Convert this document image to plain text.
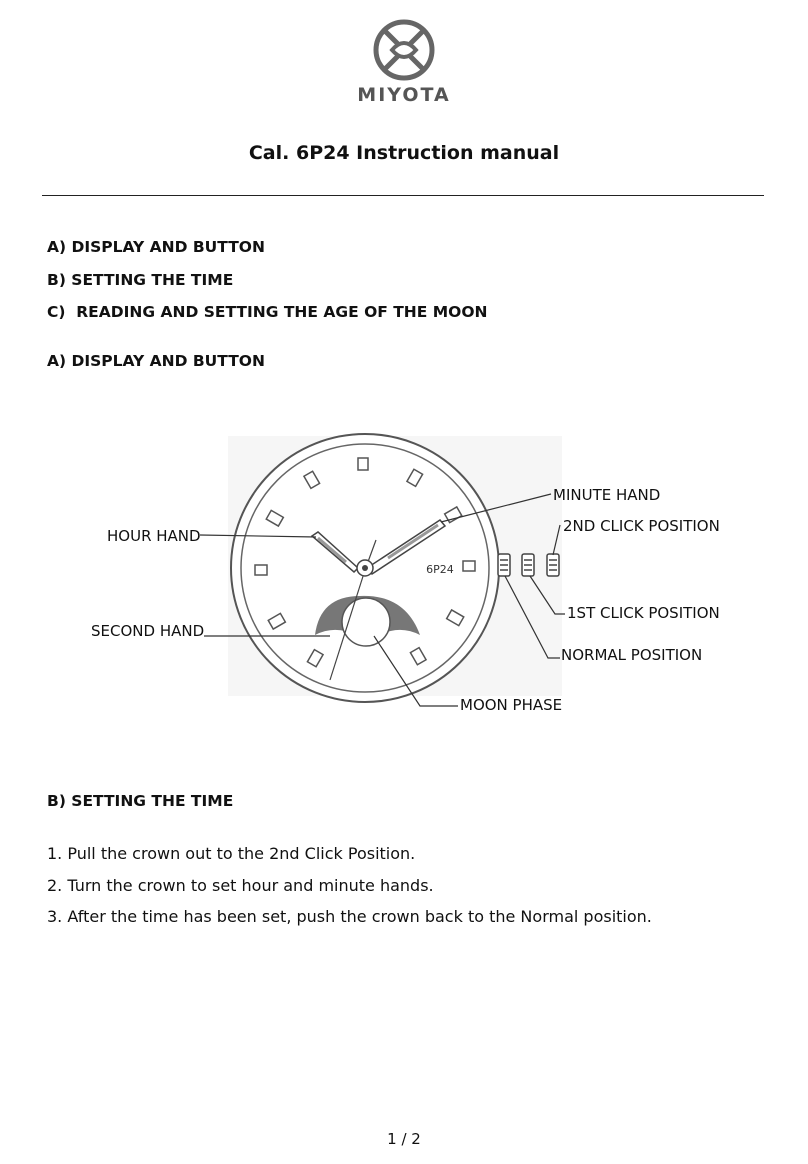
MIYOTA
Cal. 6P24 Instruction manual
A) DISPLAY AND BUTTON
B) SETTING THE TIME
C)  READING AND SETTING THE AGE OF THE MOON
A) DISPLAY AND BUTTON
6P24
MINUTE HAND
2ND CLICK POSITION
HOUR HAND
1ST CLICK POSITION
SECOND HAND
NORMAL POSITION
MOON PHASE
B) SETTING THE TIME
1. Pull the crown out to the 2nd Click Position.
2. Turn the crown to set hour and minute hands.
3. After the time has been set, push the crown back to the Normal position.
1 / 2
